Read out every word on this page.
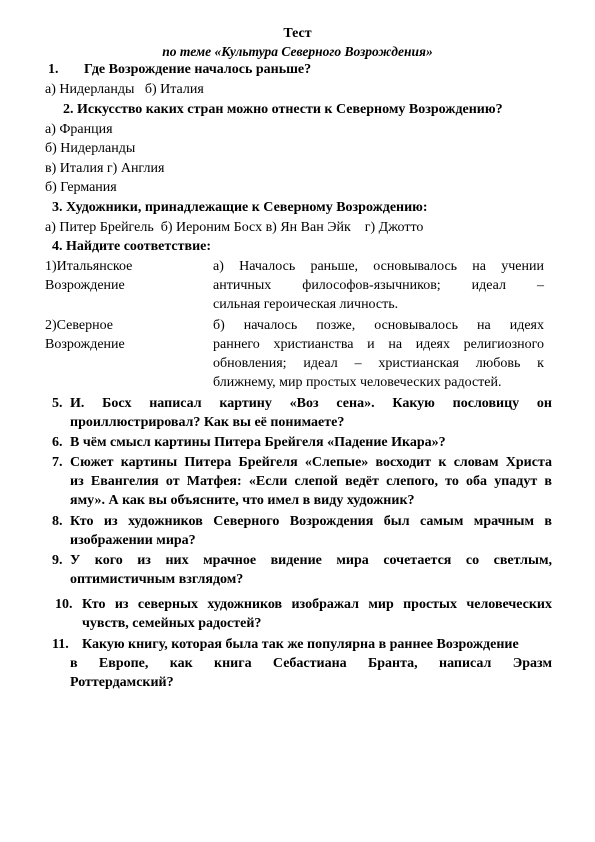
Тест
по теме «Культура Северного Возрождения»
1. Где Возрождение началось раньше?
а) Нидерланды   б) Италия
2. Искусство каких стран можно отнести к Северному Возрождению?
а) Франция
б) Нидерланды
в) Италия г) Англия
б) Германия
3. Художники, принадлежащие к Северному Возрождению:
а) Питер Брейгель  б) Иероним Босх в) Ян Ван Эйк    г) Джотто
4. Найдите соответствие:
1)Итальянское
Возрождение
а) Началось раньше, основывалось на учении
античных философов-язычников; идеал –
сильная героическая личность.
2)Северное
Возрождение
б) началось позже, основывалось на идеях
раннего христианства и на идеях религиозного
обновления; идеал – христианская любовь к
ближнему, мир простых человеческих радостей.
5. И. Босх написал картину «Воз сена». Какую пословицу он
проиллюстрировал? Как вы её понимаете?
6. В чём смысл картины Питера Брейгеля «Падение Икара»?
7. Сюжет картины Питера Брейгеля «Слепые» восходит к словам Христа
из Евангелия от Матфея: «Если слепой ведёт слепого, то оба упадут в
яму». А как вы объясните, что имел в виду художник?
8. Кто из художников Северного Возрождения был самым мрачным в
изображении мира?
9. У кого из них мрачное видение мира сочетается со светлым,
оптимистичным взглядом?
10. Кто из северных художников изображал мир простых человеческих
чувств, семейных радостей?
11. Какую книгу, которая была так же популярна в раннее Возрождение
в Европе, как книга Себастиана Бранта, написал Эразм
Роттердамский?
